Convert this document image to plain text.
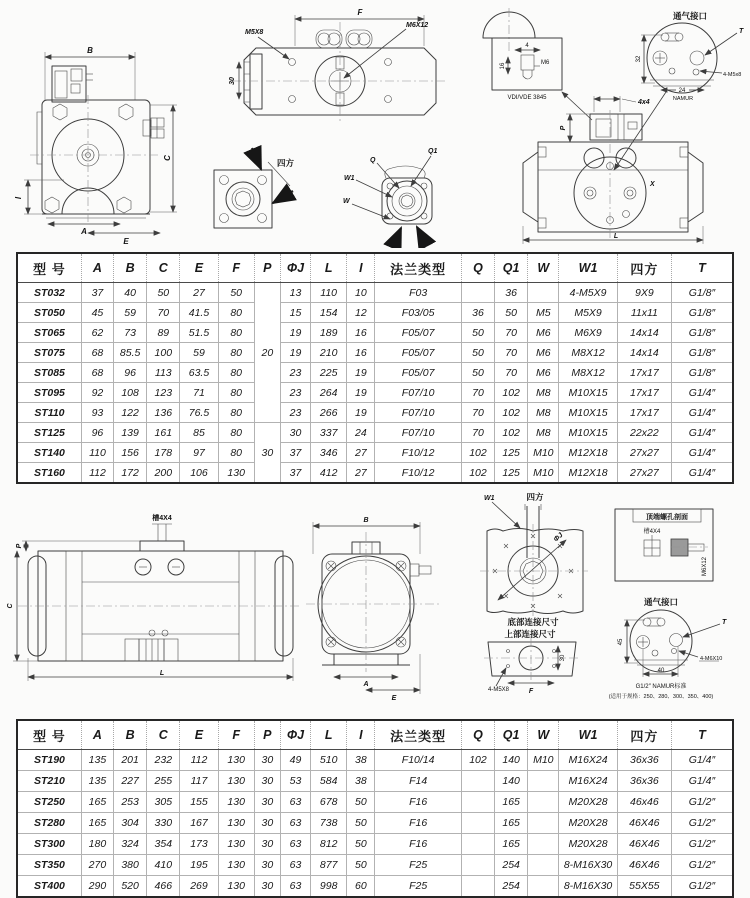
B
C
I
A
E
F
M5X8
M6X12
30
四方	Q
Q1
W1
W
4
M6
16
VDI/VDE 3845
通气接口
32
24
NAMUR
T
4-M5x8
4x4
P
X
L
型 号	A	B	C	E	F	P	ΦJ	L	I	法兰类型	Q	Q1	W	W1	四方	T
ST032	37	40	50	27	50	20	13	110	10	F03		36		4-M5X9	9X9	G1/8″
ST050	45	59	70	41.5	80		15	154	12	F03/05	36	50	M5	M5X9	11x11	G1/8″
ST065	62	73	89	51.5	80		19	189	16	F05/07	50	70	M6	M6X9	14x14	G1/8″
ST075	68	85.5	100	59	80		19	210	16	F05/07	50	70	M6	M8X12	14x14	G1/8″
ST085	68	96	113	63.5	80		23	225	19	F05/07	50	70	M6	M8X12	17x17	G1/8″
ST095	92	108	123	71	80		23	264	19	F07/10	70	102	M8	M10X15	17x17	G1/4″
ST110	93	122	136	76.5	80		23	266	19	F07/10	70	102	M8	M10X15	17x17	G1/4″
ST125	96	139	161	85	80	30	30	337	24	F07/10	70	102	M8	M10X15	22x22	G1/4″
ST140	110	156	178	97	80		37	346	27	F10/12	102	125	M10	M12X18	27x27	G1/4″
ST160	112	172	200	106	130		37	412	27	F10/12	102	125	M10	M12X18	27x27	G1/4″
槽4X4
P
C
L
B
A
E
四方
W1
ΦJ
底部连接尺寸
上部连接尺寸
30
4-M5X8	F
顶端螺孔剖面
槽4X4
M6X12
通气接口
45
40
T
4-M6X10
G1/2″ NAMUR标准
(适用于规格：250、280、300、350、400)
型 号	A	B	C	E	F	P	ΦJ	L	I	法兰类型	Q	Q1	W	W1	四方	T
ST190	135	201	232	112	130	30	49	510	38	F10/14	102	140	M10	M16X24	36x36	G1/4″
ST210	135	227	255	117	130	30	53	584	38	F14		140		M16X24	36x36	G1/4″
ST250	165	253	305	155	130	30	63	678	50	F16		165		M20X28	46x46	G1/2″
ST280	165	304	330	167	130	30	63	738	50	F16		165		M20X28	46X46	G1/2″
ST300	180	324	354	173	130	30	63	812	50	F16		165		M20X28	46X46	G1/2″
ST350	270	380	410	195	130	30	63	877	50	F25		254		8-M16X30	46X46	G1/2″
ST400	290	520	466	269	130	30	63	998	60	F25		254		8-M16X30	55X55	G1/2″
